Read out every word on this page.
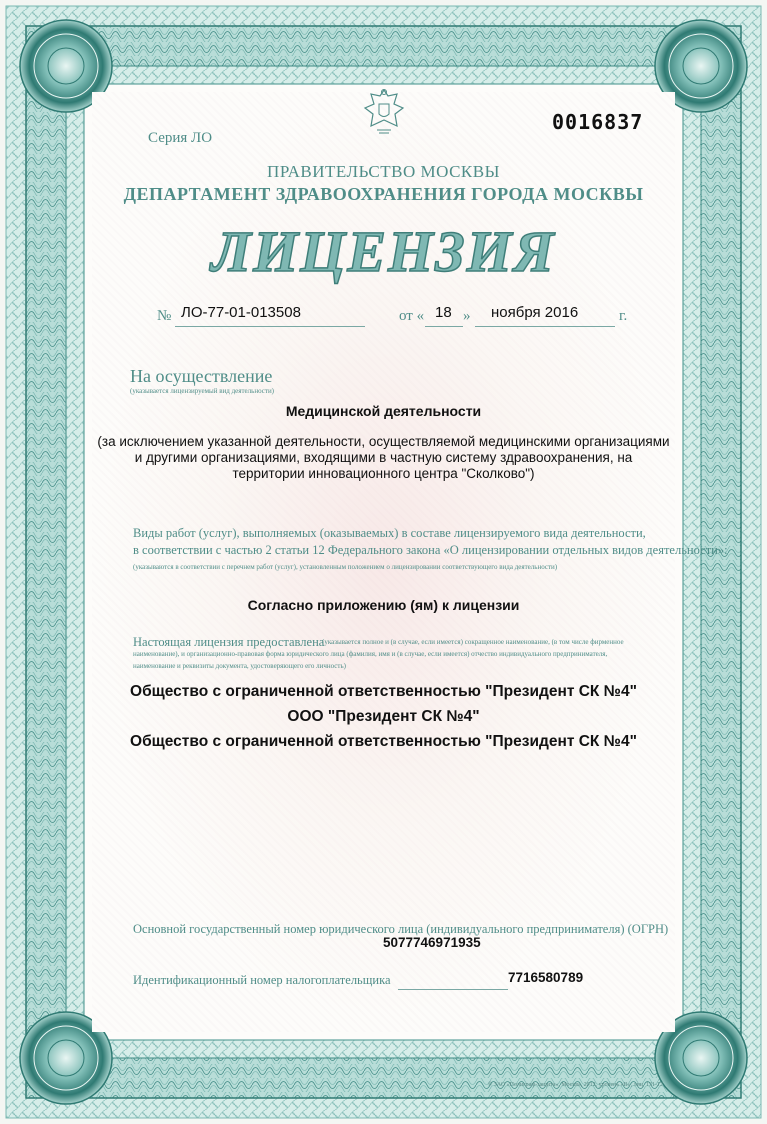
Серия ЛО
0016837
ПРАВИТЕЛЬСТВО МОСКВЫ
ДЕПАРТАМЕНТ ЗДРАВООХРАНЕНИЯ ГОРОДА МОСКВЫ
ЛИЦЕНЗИЯ
№ ЛО-77-01-013508	от « 18 » ноября 2016	г.
На осуществление
(указывается лицензируемый вид деятельности)
Медицинской деятельности
(за исключением указанной деятельности, осуществляемой медицинскими организациями
и другими организациями, входящими в частную систему здравоохранения, на
территории инновационного центра "Сколково")
Виды работ (услуг), выполняемых (оказываемых) в составе лицензируемого вида деятельности,
в соответствии с частью 2 статьи 12 Федерального закона «О лицензировании отдельных видов деятельности»:
(указываются в соответствии с перечнем работ (услуг), установленным положением о лицензировании соответствующего вида деятельности)
Согласно приложению (ям) к лицензии
Настоящая лицензия предоставлена
(указывается полное и (в случае, если имеется) сокращенное наименование, (в том числе фирменное
наименование), и организационно-правовая форма юридического лица (фамилия, имя и (в случае, если имеется) отчество индивидуального предпринимателя,
наименование и реквизиты документа, удостоверяющего его личность)
Общество с ограниченной ответственностью "Президент СК №4"
ООО "Президент СК №4"
Общество с ограниченной ответственностью "Президент СК №4"
Основной государственный номер юридического лица (индивидуального предпринимателя) (ОГРН)
5077746971935
Идентификационный номер налогоплательщика	7716580789
© ЗАО «Полиграф-защита», Москва, 2012, уровень «В», лиц. 131-12
